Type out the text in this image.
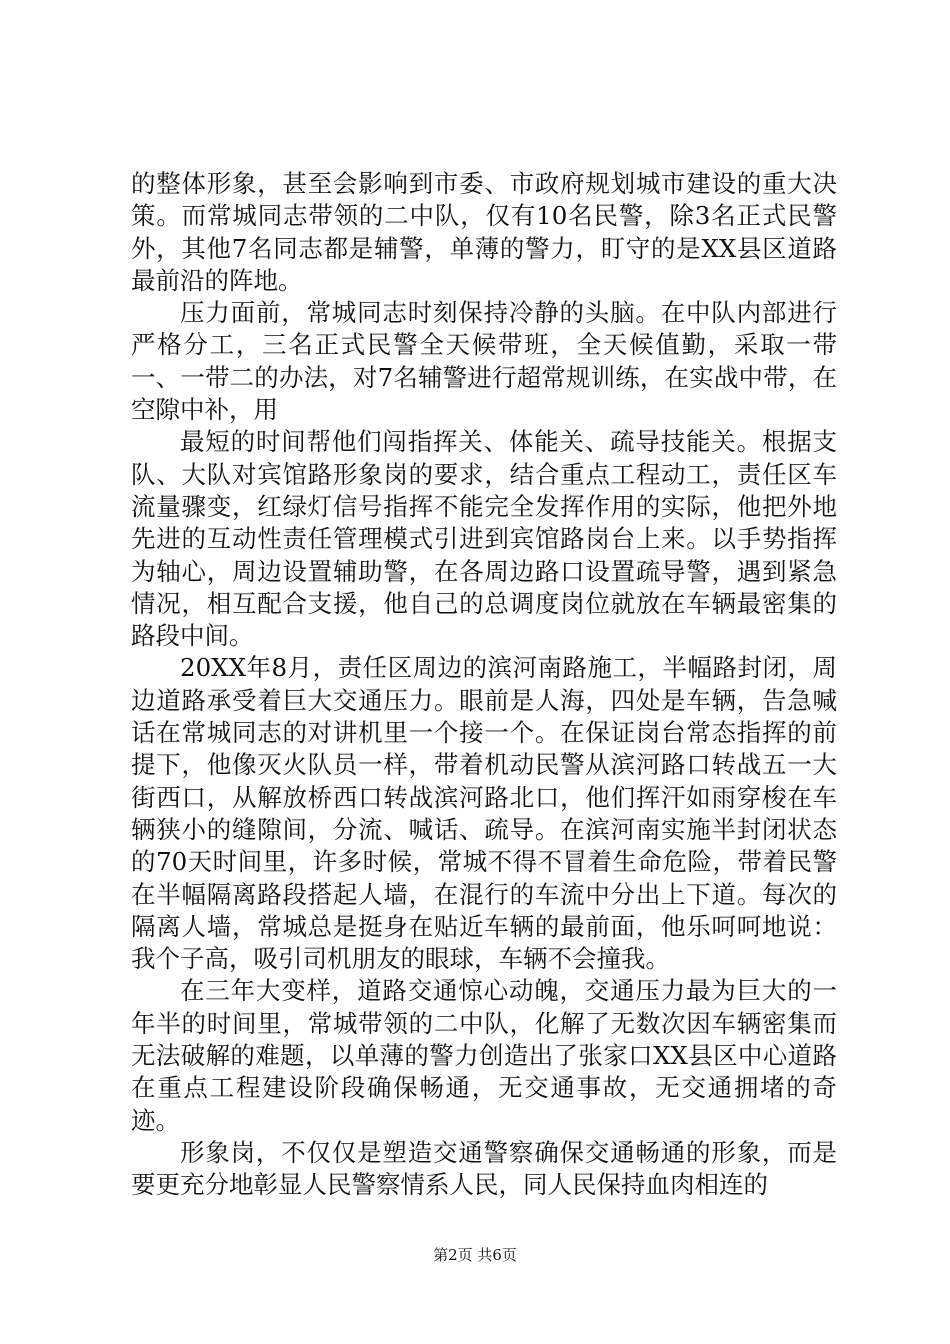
的整体形象，甚至会影响到市委、市政府规划城市建设的重大决策。而常城同志带领的二中队，仅有10名民警，除3名正式民警外，其他7名同志都是辅警，单薄的警力，盯守的是XX县区道路最前沿的阵地。

压力面前，常城同志时刻保持冷静的头脑。在中队内部进行严格分工，三名正式民警全天候带班，全天候值勤，采取一带一、一带二的办法，对7名辅警进行超常规训练，在实战中带，在空隙中补，用

最短的时间帮他们闯指挥关、体能关、疏导技能关。根据支队、大队对宾馆路形象岗的要求，结合重点工程动工，责任区车流量骤变，红绿灯信号指挥不能完全发挥作用的实际，他把外地先进的互动性责任管理模式引进到宾馆路岗台上来。以手势指挥为轴心，周边设置辅助警，在各周边路口设置疏导警，遇到紧急情况，相互配合支援，他自己的总调度岗位就放在车辆最密集的路段中间。

20XX年8月，责任区周边的滨河南路施工，半幅路封闭，周边道路承受着巨大交通压力。眼前是人海，四处是车辆，告急喊话在常城同志的对讲机里一个接一个。在保证岗台常态指挥的前提下，他像灭火队员一样，带着机动民警从滨河路口转战五一大街西口，从解放桥西口转战滨河路北口，他们挥汗如雨穿梭在车辆狭小的缝隙间，分流、喊话、疏导。在滨河南实施半封闭状态的70天时间里，许多时候，常城不得不冒着生命危险，带着民警在半幅隔离路段搭起人墙，在混行的车流中分出上下道。每次的隔离人墙，常城总是挺身在贴近车辆的最前面，他乐呵呵地说：我个子高，吸引司机朋友的眼球，车辆不会撞我。

在三年大变样，道路交通惊心动魄，交通压力最为巨大的一年半的时间里，常城带领的二中队，化解了无数次因车辆密集而无法破解的难题，以单薄的警力创造出了张家口XX县区中心道路在重点工程建设阶段确保畅通，无交通事故，无交通拥堵的奇迹。

形象岗，不仅仅是塑造交通警察确保交通畅通的形象，而是要更充分地彰显人民警察情系人民，同人民保持血肉相连的

第2页 共6页
